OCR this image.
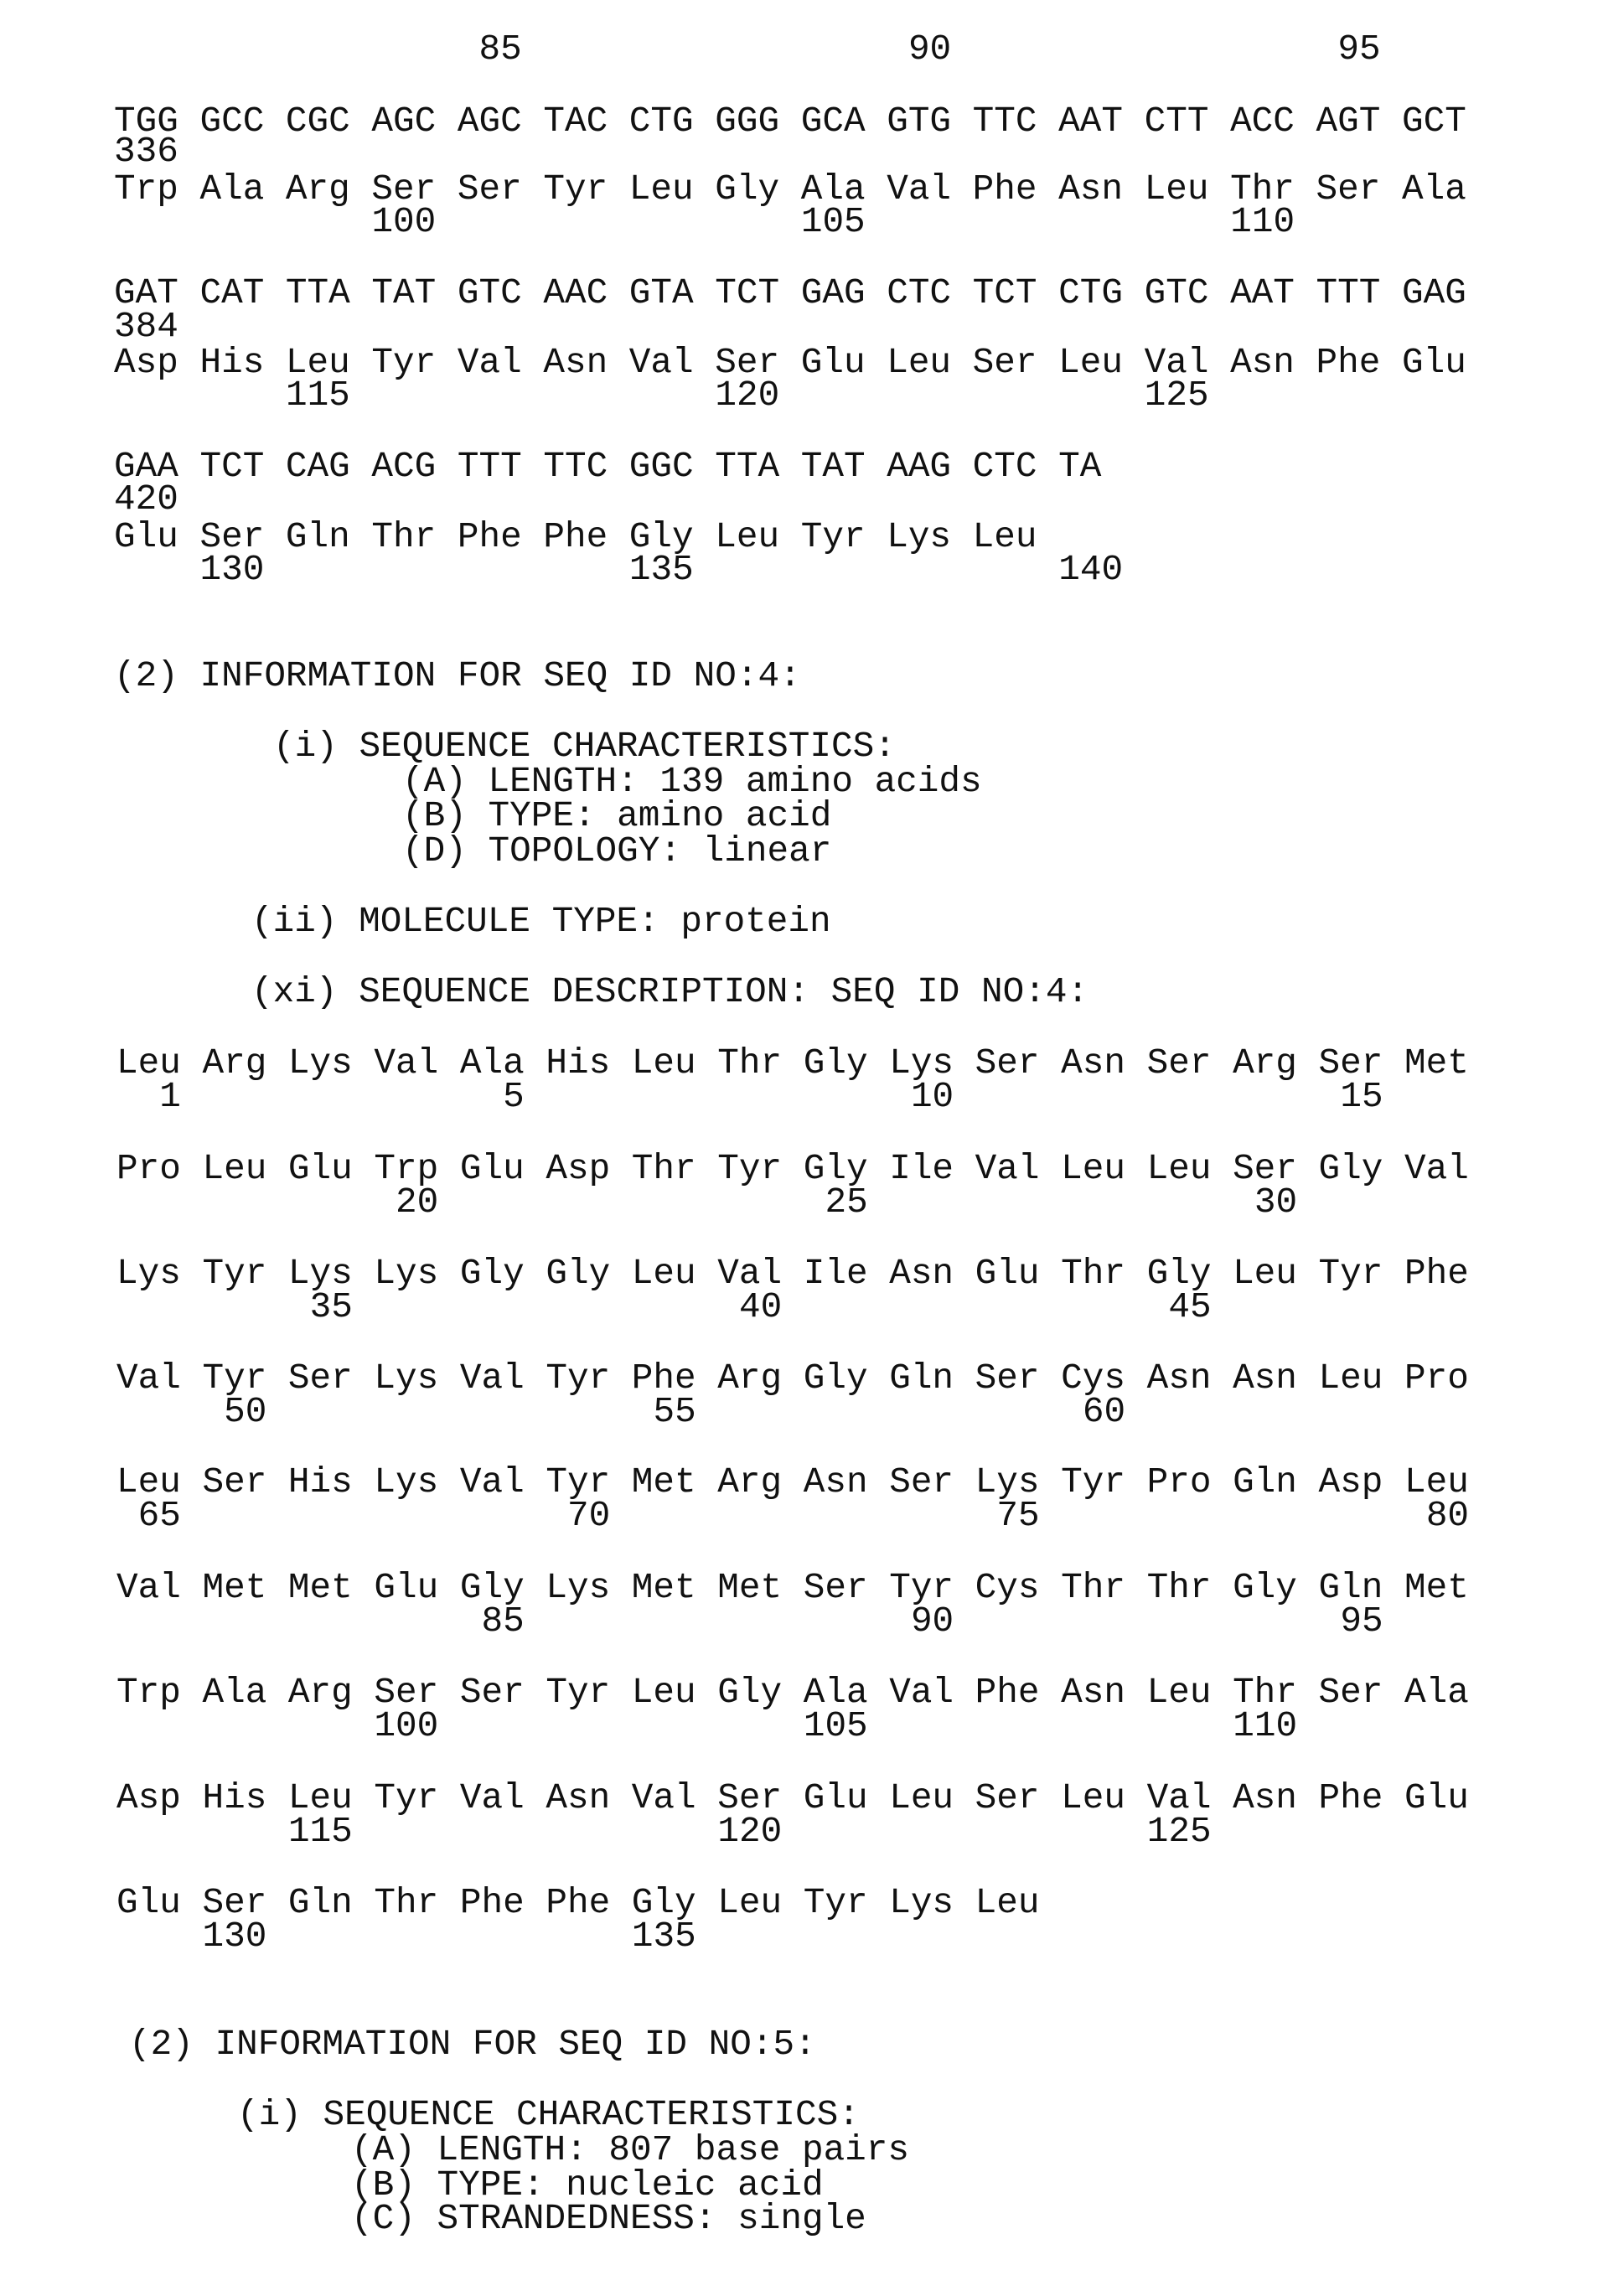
85	90	95
TGG GCC CGC AGC AGC TAC CTG GGG GCA GTG TTC AAT CTT ACC AGT GCT
336
Trp Ala Arg Ser Ser Tyr Leu Gly Ala Val Phe Asn Leu Thr Ser Ala
100	105	110
GAT CAT TTA TAT GTC AAC GTA TCT GAG CTC TCT CTG GTC AAT TTT GAG
384
Asp His Leu Tyr Val Asn Val Ser Glu Leu Ser Leu Val Asn Phe Glu
115	120	125
GAA TCT CAG ACG TTT TTC GGC TTA TAT AAG CTC TA
420
Glu Ser Gln Thr Phe Phe Gly Leu Tyr Lys Leu
130	135	140
(2) INFORMATION FOR SEQ ID NO:4:
(i) SEQUENCE CHARACTERISTICS:
(A) LENGTH: 139 amino acids
(B) TYPE: amino acid
(D) TOPOLOGY: linear
(ii) MOLECULE TYPE: protein
(xi) SEQUENCE DESCRIPTION: SEQ ID NO:4:
Leu Arg Lys Val Ala His Leu Thr Gly Lys Ser Asn Ser Arg Ser Met
1	5	10	15
Pro Leu Glu Trp Glu Asp Thr Tyr Gly Ile Val Leu Leu Ser Gly Val
20	25	30
Lys Tyr Lys Lys Gly Gly Leu Val Ile Asn Glu Thr Gly Leu Tyr Phe
35	40	45
Val Tyr Ser Lys Val Tyr Phe Arg Gly Gln Ser Cys Asn Asn Leu Pro
50	55	60
Leu Ser His Lys Val Tyr Met Arg Asn Ser Lys Tyr Pro Gln Asp Leu
65	70	75	80
Val Met Met Glu Gly Lys Met Met Ser Tyr Cys Thr Thr Gly Gln Met
85	90	95
Trp Ala Arg Ser Ser Tyr Leu Gly Ala Val Phe Asn Leu Thr Ser Ala
100	105	110
Asp His Leu Tyr Val Asn Val Ser Glu Leu Ser Leu Val Asn Phe Glu
115	120	125
Glu Ser Gln Thr Phe Phe Gly Leu Tyr Lys Leu
130	135
(2) INFORMATION FOR SEQ ID NO:5:
(i) SEQUENCE CHARACTERISTICS:
(A) LENGTH: 807 base pairs
(B) TYPE: nucleic acid
(C) STRANDEDNESS: single
